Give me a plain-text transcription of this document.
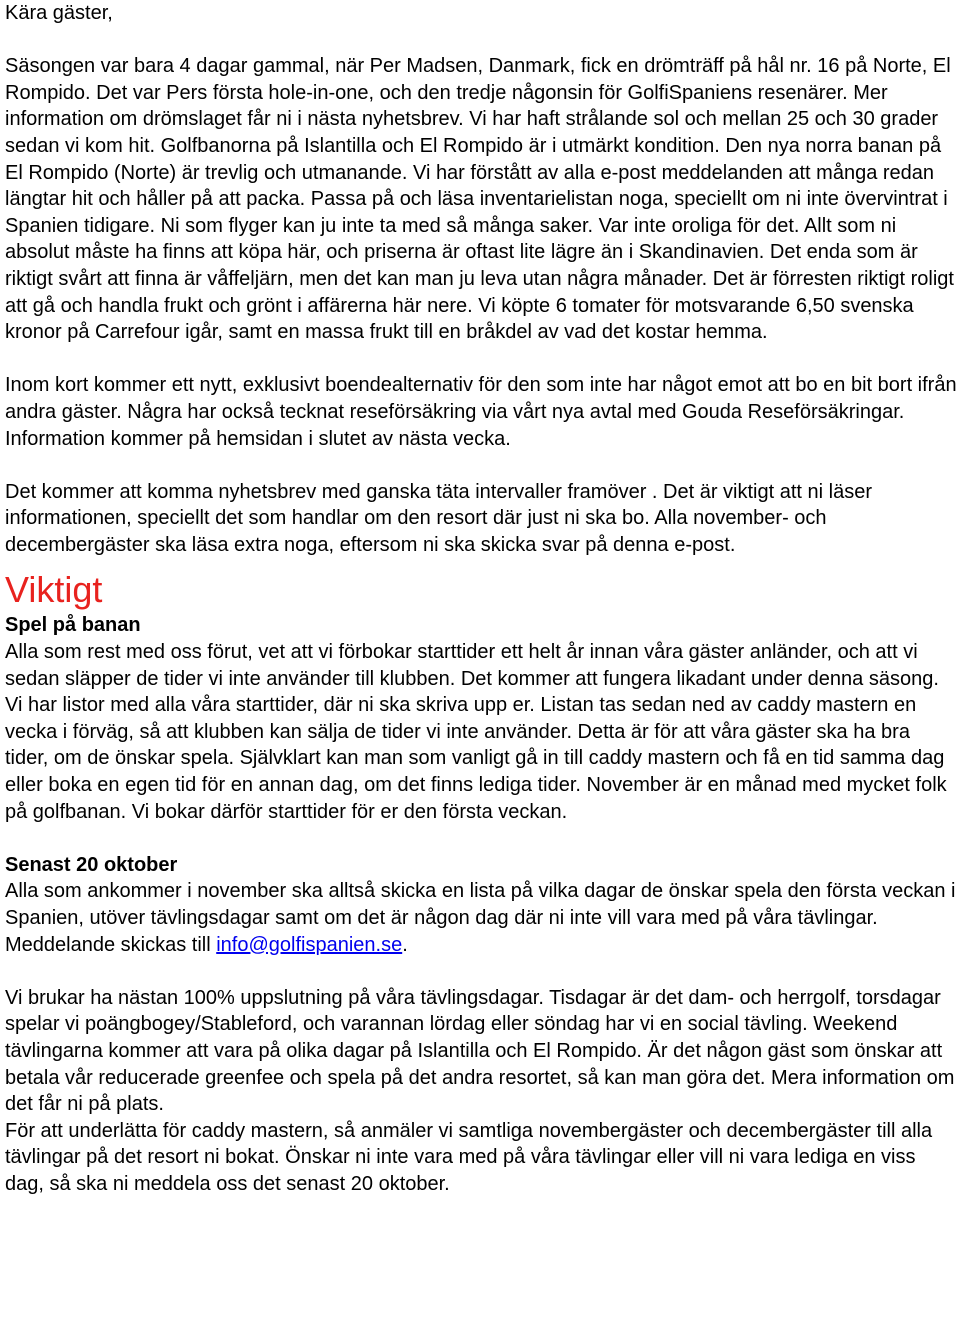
Kära gäster,

Säsongen var bara 4 dagar gammal, när Per Madsen, Danmark, fick en drömträff på hål nr. 16 på Norte, El Rompido. Det var Pers första hole-in-one, och den tredje någonsin för GolfiSpaniens resenärer. Mer information om drömslaget får ni i nästa nyhetsbrev. Vi har haft strålande sol och mellan 25 och 30 grader sedan vi kom hit. Golfbanorna på Islantilla och El Rompido är i utmärkt kondition. Den nya norra banan på El Rompido (Norte) är trevlig och utmanande. Vi har förstått av alla e-post meddelanden att många redan längtar hit och håller på att packa. Passa på och läsa inventarielistan noga, speciellt om ni inte övervintrat i Spanien tidigare. Ni som flyger kan ju inte ta med så många saker. Var inte oroliga för det. Allt som ni absolut måste ha finns att köpa här, och priserna är oftast lite lägre än i Skandinavien. Det enda som är riktigt svårt att finna är våffeljärn, men det kan man ju leva utan några månader. Det är förresten riktigt roligt att gå och handla frukt och grönt i affärerna här nere. Vi köpte 6 tomater för motsvarande 6,50 svenska kronor på Carrefour igår, samt en massa frukt till en bråkdel av vad det kostar hemma.

Inom kort kommer ett nytt, exklusivt boendealternativ för den som inte har något emot att bo en bit bort ifrån andra gäster. Några har också tecknat reseförsäkring via vårt nya avtal med Gouda Reseförsäkringar. Information kommer på hemsidan i slutet av nästa vecka.

Det kommer att komma nyhetsbrev med ganska täta intervaller framöver . Det är viktigt att ni läser informationen, speciellt det som handlar om den resort där just ni ska bo. Alla november- och decembergäster ska läsa extra noga, eftersom ni ska skicka svar på denna e-post.

Viktigt

Spel på banan

Alla som rest med oss förut, vet att vi förbokar starttider ett helt år innan våra gäster anländer, och att vi sedan släpper de tider vi inte använder till klubben. Det kommer att fungera likadant under denna säsong. Vi har listor med alla våra starttider, där ni ska skriva upp er. Listan tas sedan ned av caddy mastern en vecka i förväg, så att klubben kan sälja de tider vi inte använder. Detta är för att våra gäster ska ha bra tider, om de önskar spela. Självklart kan man som vanligt gå in till caddy mastern och få en tid samma dag eller boka en egen tid för en annan dag, om det finns lediga tider. November är en månad med mycket folk på golfbanan. Vi bokar därför starttider för er den första veckan.

Senast 20 oktober

Alla som ankommer i november ska alltså skicka en lista på vilka dagar de önskar spela den första veckan i Spanien, utöver tävlingsdagar samt om det är någon dag där ni inte vill vara med på våra tävlingar. Meddelande skickas till info@golfispanien.se.

Vi brukar ha nästan 100% uppslutning på våra tävlingsdagar. Tisdagar är det dam- och herrgolf, torsdagar spelar vi poängbogey/Stableford, och varannan lördag eller söndag har vi en social tävling. Weekend tävlingarna kommer att vara på olika dagar på Islantilla och El Rompido. Är det någon gäst som önskar att betala vår reducerade greenfee och spela på det andra resortet, så kan man göra det. Mera information om det får ni på plats.

För att underlätta för caddy mastern, så anmäler vi samtliga novembergäster och decembergäster till alla tävlingar på det resort ni bokat. Önskar ni inte vara med på våra tävlingar eller vill ni vara lediga en viss dag, så ska ni meddela oss det senast 20 oktober.
